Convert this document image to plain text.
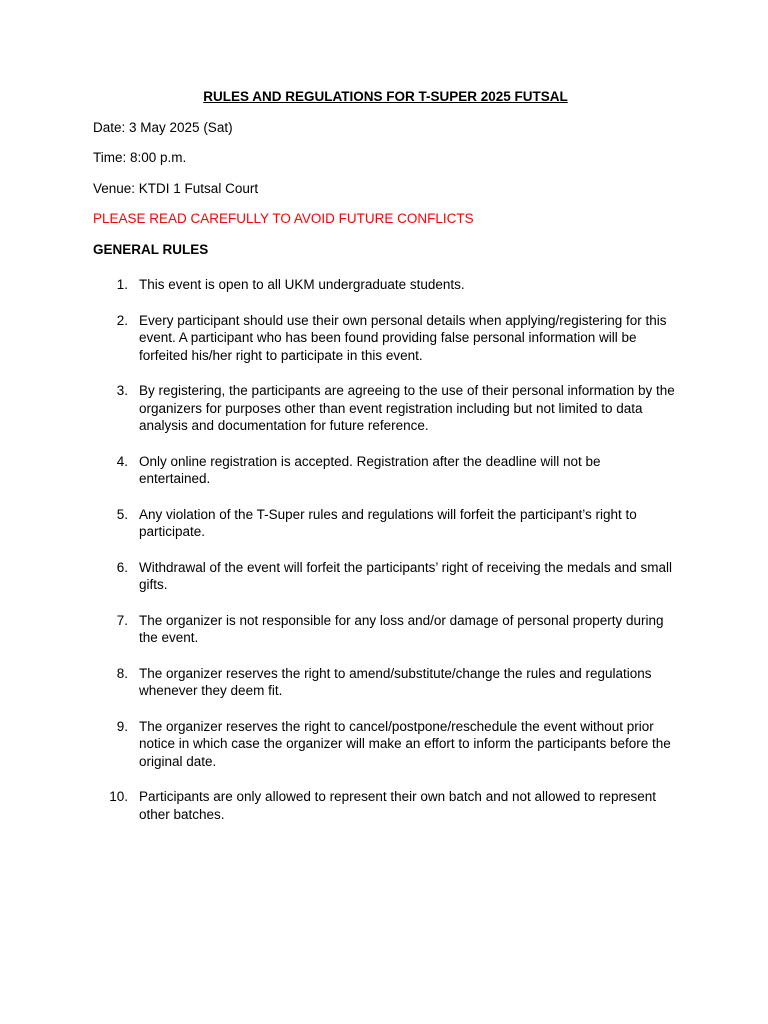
RULES AND REGULATIONS FOR T-SUPER 2025 FUTSAL
Date: 3 May 2025 (Sat)
Time: 8:00 p.m.
Venue: KTDI 1 Futsal Court
PLEASE READ CAREFULLY TO AVOID FUTURE CONFLICTS
GENERAL RULES
1. This event is open to all UKM undergraduate students.
2. Every participant should use their own personal details when applying/registering for this event. A participant who has been found providing false personal information will be forfeited his/her right to participate in this event.
3. By registering, the participants are agreeing to the use of their personal information by the organizers for purposes other than event registration including but not limited to data analysis and documentation for future reference.
4. Only online registration is accepted. Registration after the deadline will not be entertained.
5. Any violation of the T-Super rules and regulations will forfeit the participant’s right to participate.
6. Withdrawal of the event will forfeit the participants’ right of receiving the medals and small gifts.
7. The organizer is not responsible for any loss and/or damage of personal property during the event.
8. The organizer reserves the right to amend/substitute/change the rules and regulations whenever they deem fit.
9. The organizer reserves the right to cancel/postpone/reschedule the event without prior notice in which case the organizer will make an effort to inform the participants before the original date.
10. Participants are only allowed to represent their own batch and not allowed to represent other batches.
